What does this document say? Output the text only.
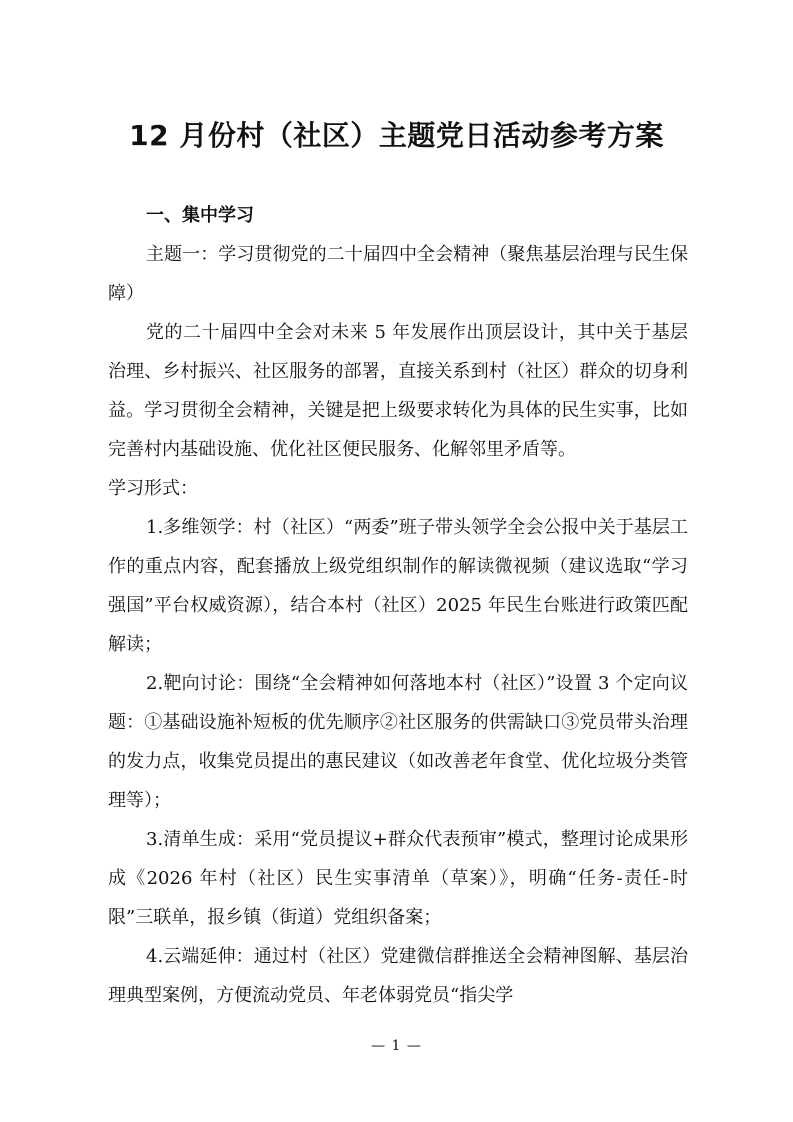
12 月份村（社区）主题党日活动参考方案

一、集中学习

主题一：学习贯彻党的二十届四中全会精神（聚焦基层治理与民生保障）

党的二十届四中全会对未来 5 年发展作出顶层设计，其中关于基层治理、乡村振兴、社区服务的部署，直接关系到村（社区）群众的切身利益。学习贯彻全会精神，关键是把上级要求转化为具体的民生实事，比如完善村内基础设施、优化社区便民服务、化解邻里矛盾等。

学习形式：

1.多维领学：村（社区）“两委”班子带头领学全会公报中关于基层工作的重点内容，配套播放上级党组织制作的解读微视频（建议选取“学习强国”平台权威资源），结合本村（社区）2025 年民生台账进行政策匹配解读；

2.靶向讨论：围绕“全会精神如何落地本村（社区）”设置 3 个定向议题：①基础设施补短板的优先顺序②社区服务的供需缺口③党员带头治理的发力点，收集党员提出的惠民建议（如改善老年食堂、优化垃圾分类管理等）；

3.清单生成：采用“党员提议+群众代表预审”模式，整理讨论成果形成《2026 年村（社区）民生实事清单（草案）》，明确“任务-责任-时限”三联单，报乡镇（街道）党组织备案；

4.云端延伸：通过村（社区）党建微信群推送全会精神图解、基层治理典型案例，方便流动党员、年老体弱党员“指尖学

— 1 —
